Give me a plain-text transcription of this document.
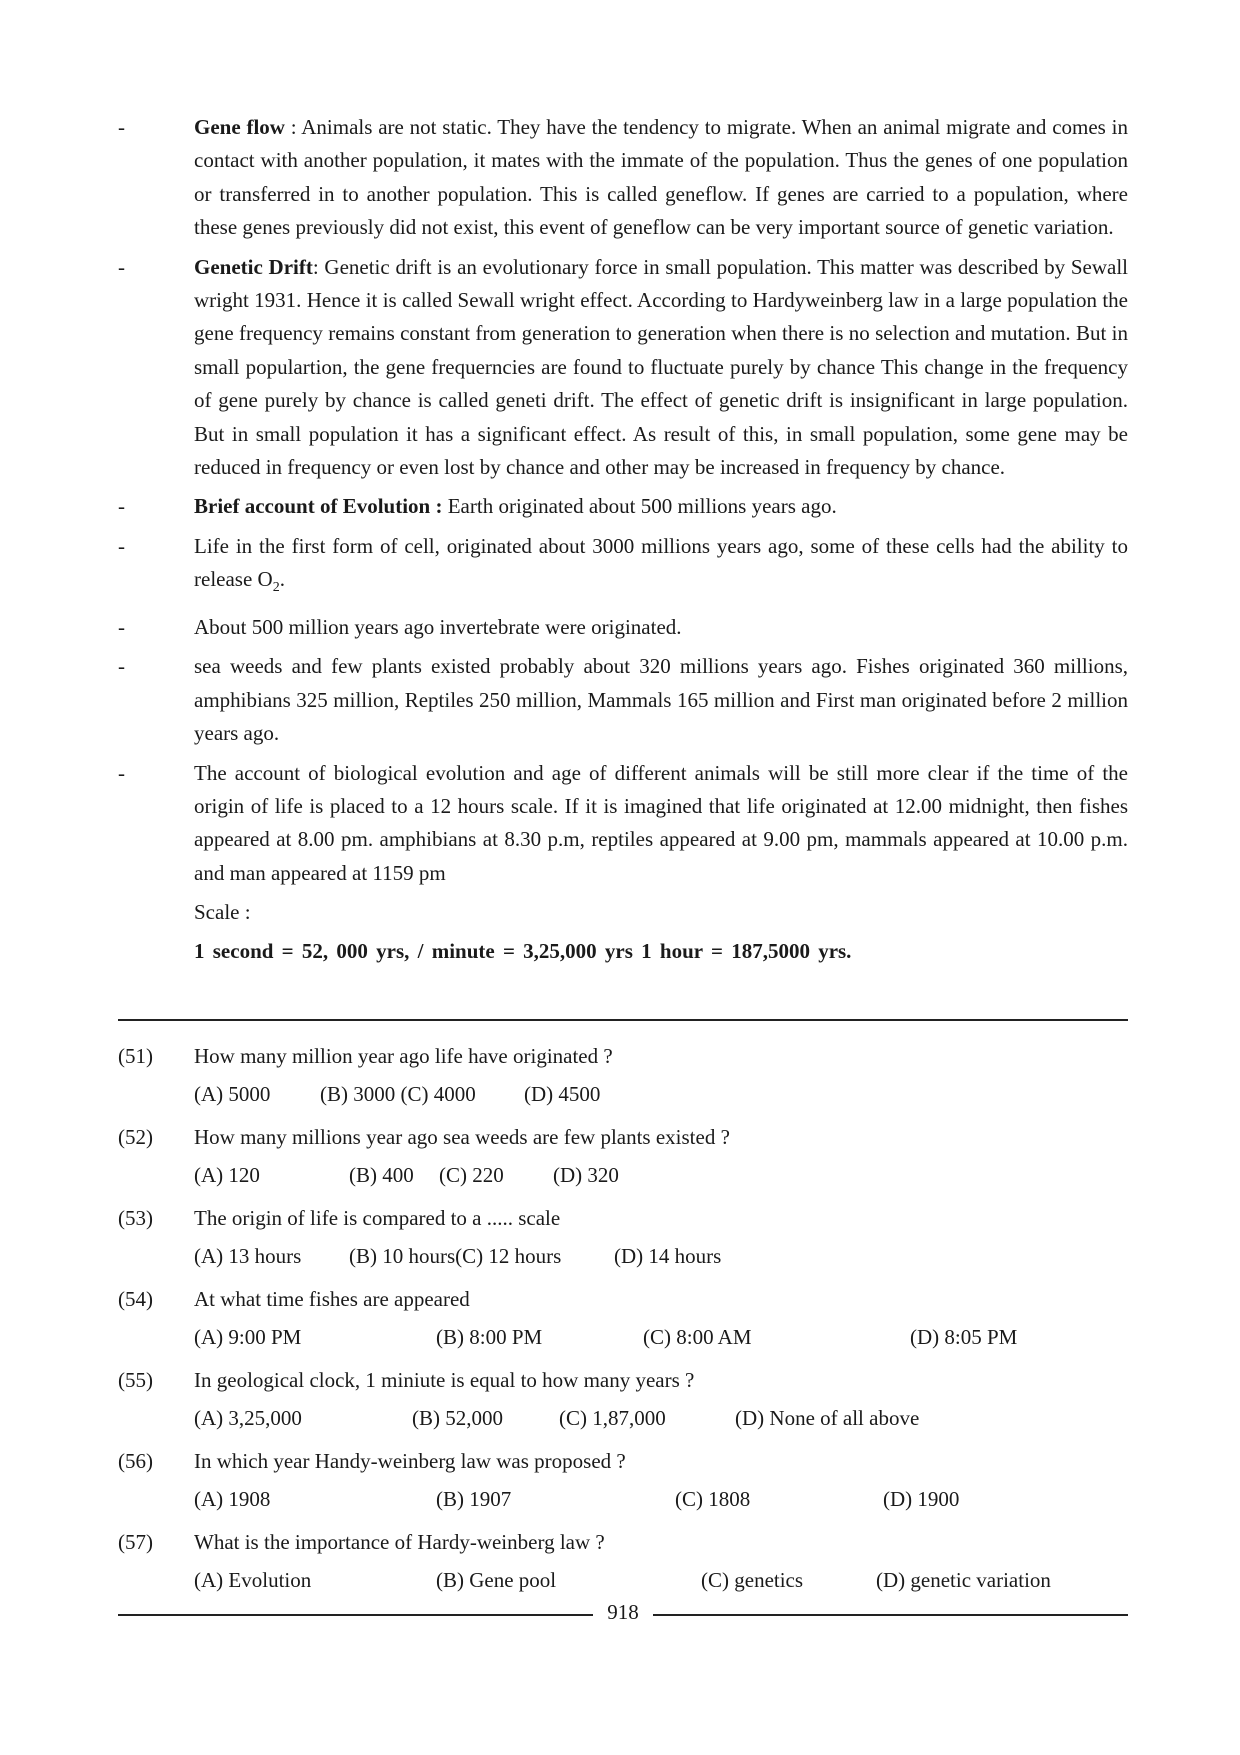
-	Gene flow : Animals are not static. They have the tendency to migrate. When an animal migrate and comes in contact with another population, it mates with the immate of the population. Thus the genes of one population or transferred in to another population. This is called geneflow. If genes are carried to a population, where these genes previously did not exist, this event of geneflow can be very important source of genetic variation.
-	Genetic Drift: Genetic drift is an evolutionary force in small population. This matter was described by Sewall wright 1931. Hence it is called Sewall wright effect. According to Hardyweinberg law in a large population the gene frequency remains constant from generation to generation when there is no selection and mutation. But in small populartion, the gene frequerncies are found to fluctuate purely by chance This change in the frequency of gene purely by chance is called geneti drift. The effect of genetic drift is insignificant in large population. But in small population it has a significant effect. As result of this, in small population, some gene may be reduced in frequency or even lost by chance and other may be increased in frequency by chance.
-	Brief account of Evolution : Earth originated about 500 millions years ago.
-	Life in the first form of cell, originated about 3000 millions years ago, some of these cells had the ability to release $O_2$.
-	About 500 million years ago invertebrate were originated.
-	sea weeds and few plants existed probably about 320 millions years ago. Fishes originated 360 millions, amphibians 325 million, Reptiles 250 million, Mammals 165 million and First man originated before 2 million years ago.
-	The account of biological evolution and age of different animals will be still more clear if the time of the origin of life is placed to a 12 hours scale. If it is imagined that life originated at 12.00 midnight, then fishes appeared at 8.00 pm. amphibians at 8.30 p.m, reptiles appeared at 9.00 pm, mammals appeared at 10.00 p.m. and man appeared at 1159 pm
Scale :
1 second = 52, 000 yrs, / minute = 3,25,000 yrs 1 hour = 187,5000 yrs.
(51)	How many million year ago life have originated ?
(A) 5000 (B) 3000 (C) 4000 (D) 4500
(52)	How many millions year ago sea weeds are few plants existed ?
(A) 120	(B) 400 (C) 220 (D) 320
(53)	The origin of life is compared to a ..... scale
(A) 13 hours (B) 10 hours(C) 12 hours	(D) 14 hours
(54)	At what time fishes are appeared
(A) 9:00 PM	(B) 8:00 PM	(C) 8:00 AM	(D) 8:05 PM
(55)	In geological clock, 1 miniute is equal to how many years ?
(A) 3,25,000	(B) 52,000	(C) 1,87,000	(D) None of all above
(56)	In which year Handy-weinberg law was proposed ?
(A) 1908	(B) 1907	(C) 1808	(D) 1900
(57)	What is the importance of Hardy-weinberg law ?
(A) Evolution	(B) Gene pool	(C) genetics	(D) genetic variation
918
